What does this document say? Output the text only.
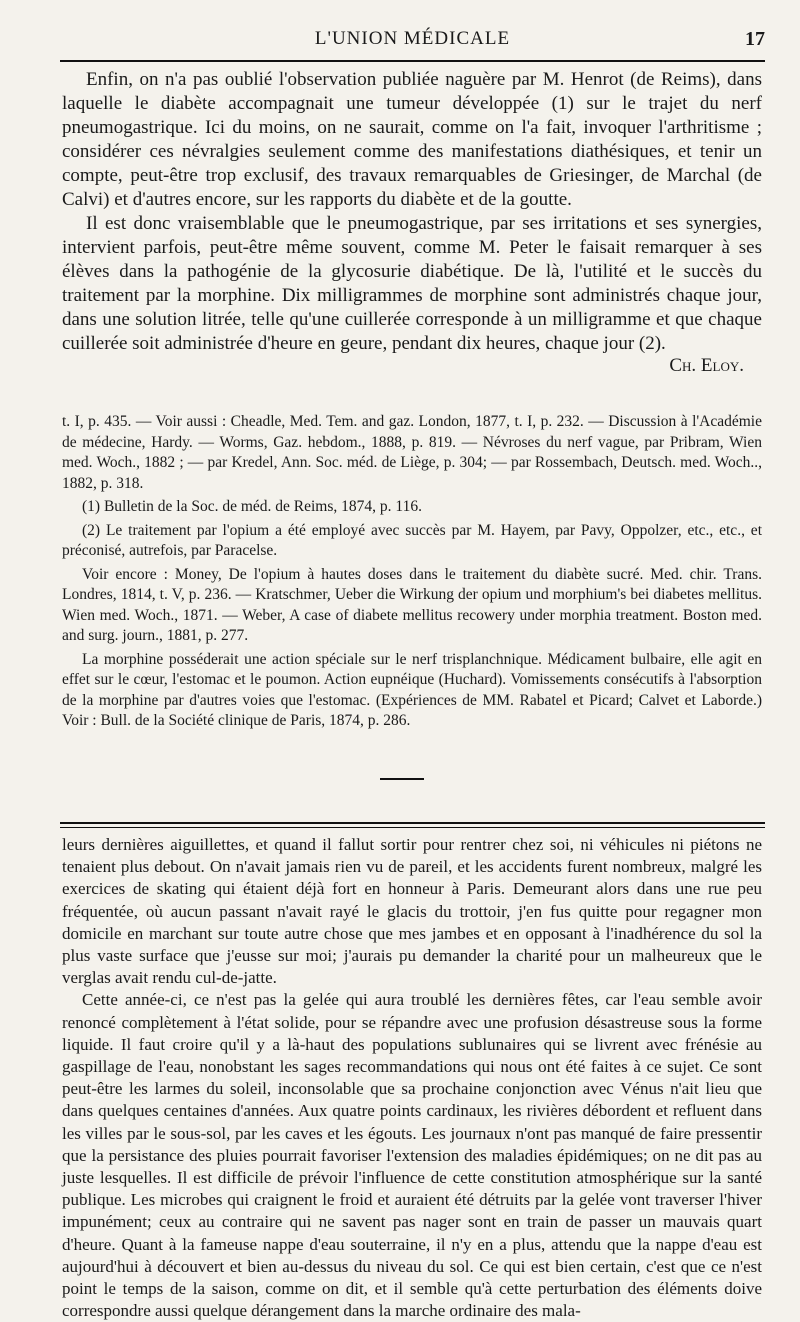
L'UNION MÉDICALE	17

Enfin, on n'a pas oublié l'observation publiée naguère par M. Henrot (de Reims), dans laquelle le diabète accompagnait une tumeur développée (1) sur le trajet du nerf pneumogastrique. Ici du moins, on ne saurait, comme on l'a fait, invoquer l'arthritisme ; considérer ces névralgies seulement comme des manifestations diathésiques, et tenir un compte, peut-être trop exclusif, des travaux remarquables de Griesinger, de Marchal (de Calvi) et d'autres encore, sur les rapports du diabète et de la goutte.

Il est donc vraisemblable que le pneumogastrique, par ses irritations et ses synergies, intervient parfois, peut-être même souvent, comme M. Peter le faisait remarquer à ses élèves dans la pathogénie de la glycosurie diabétique. De là, l'utilité et le succès du traitement par la morphine. Dix milligrammes de morphine sont administrés chaque jour, dans une solution litrée, telle qu'une cuillerée corresponde à un milligramme et que chaque cuillerée soit administrée d'heure en geure, pendant dix heures, chaque jour (2).

Ch. Eloy.

t. I, p. 435. — Voir aussi : Cheadle, Med. Tem. and gaz. London, 1877, t. I, p. 232. — Discussion à l'Académie de médecine, Hardy. — Worms, Gaz. hebdom., 1888, p. 819. — Névroses du nerf vague, par Pribram, Wien med. Woch., 1882 ; — par Kredel, Ann. Soc. méd. de Liège, p. 304; — par Rossembach, Deutsch. med. Woch.., 1882, p. 318.

(1) Bulletin de la Soc. de méd. de Reims, 1874, p. 116.

(2) Le traitement par l'opium a été employé avec succès par M. Hayem, par Pavy, Oppolzer, etc., etc., et préconisé, autrefois, par Paracelse.

Voir encore : Money, De l'opium à hautes doses dans le traitement du diabète sucré. Med. chir. Trans. Londres, 1814, t. V, p. 236. — Kratschmer, Ueber die Wirkung der opium und morphium's bei diabetes mellitus. Wien med. Woch., 1871. — Weber, A case of diabete mellitus recowery under morphia treatment. Boston med. and surg. journ., 1881, p. 277.

La morphine posséderait une action spéciale sur le nerf trisplanchnique. Médicament bulbaire, elle agit en effet sur le cœur, l'estomac et le poumon. Action eupnéique (Huchard). Vomissements consécutifs à l'absorption de la morphine par d'autres voies que l'estomac. (Expériences de MM. Rabatel et Picard; Calvet et Laborde.) Voir : Bull. de la Société clinique de Paris, 1874, p. 286.

leurs dernières aiguillettes, et quand il fallut sortir pour rentrer chez soi, ni véhicules ni piétons ne tenaient plus debout. On n'avait jamais rien vu de pareil, et les accidents furent nombreux, malgré les exercices de skating qui étaient déjà fort en honneur à Paris. Demeurant alors dans une rue peu fréquentée, où aucun passant n'avait rayé le glacis du trottoir, j'en fus quitte pour regagner mon domicile en marchant sur toute autre chose que mes jambes et en opposant à l'inadhérence du sol la plus vaste surface que j'eusse sur moi; j'aurais pu demander la charité pour un malheureux que le verglas avait rendu cul-de-jatte.

Cette année-ci, ce n'est pas la gelée qui aura troublé les dernières fêtes, car l'eau semble avoir renoncé complètement à l'état solide, pour se répandre avec une profusion désastreuse sous la forme liquide. Il faut croire qu'il y a là-haut des populations sublunaires qui se livrent avec frénésie au gaspillage de l'eau, nonobstant les sages recommandations qui nous ont été faites à ce sujet. Ce sont peut-être les larmes du soleil, inconsolable que sa prochaine conjonction avec Vénus n'ait lieu que dans quelques centaines d'années. Aux quatre points cardinaux, les rivières débordent et refluent dans les villes par le sous-sol, par les caves et les égouts. Les journaux n'ont pas manqué de faire pressentir que la persistance des pluies pourrait favoriser l'extension des maladies épidémiques; on ne dit pas au juste lesquelles. Il est difficile de prévoir l'influence de cette constitution atmosphérique sur la santé publique. Les microbes qui craignent le froid et auraient été détruits par la gelée vont traverser l'hiver impunément; ceux au contraire qui ne savent pas nager sont en train de passer un mauvais quart d'heure. Quant à la fameuse nappe d'eau souterraine, il n'y en a plus, attendu que la nappe d'eau est aujourd'hui à découvert et bien au-dessus du niveau du sol. Ce qui est bien certain, c'est que ce n'est point le temps de la saison, comme on dit, et il semble qu'à cette perturbation des éléments doive correspondre aussi quelque dérangement dans la marche ordinaire des mala-
